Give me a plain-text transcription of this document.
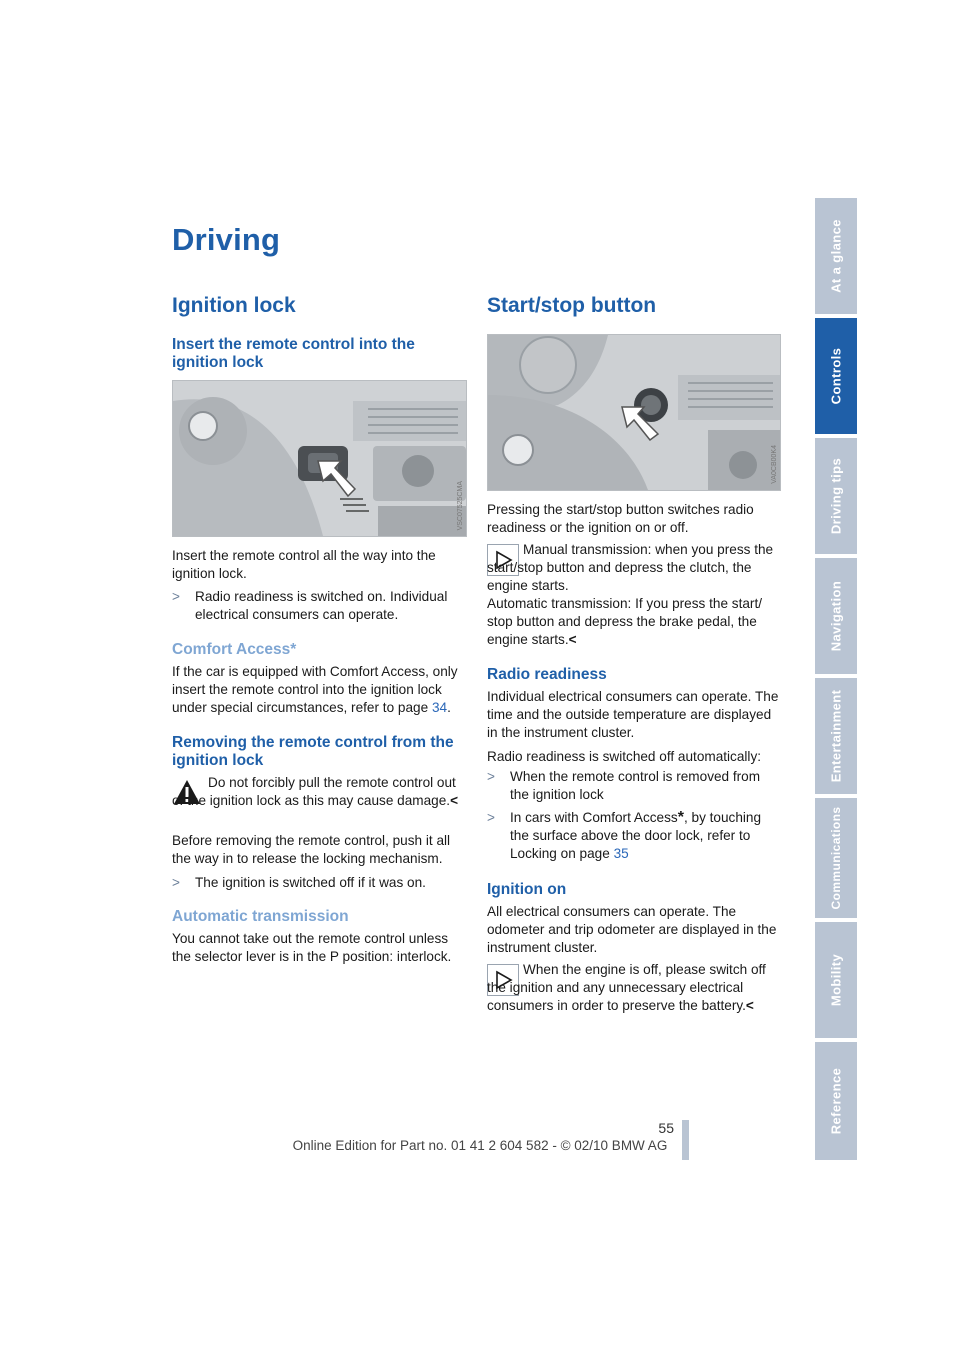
At a glance
Controls
Driving tips
Navigation
Entertainment
Communications
Mobility
Reference
Driving
Ignition lock
Insert the remote control into the ignition lock
VSC07525CMA

Insert the remote control all the way into the ignition lock.

> Radio readiness is switched on. Individual electrical consumers can operate.
Comfort Access*

If the car is equipped with Comfort Access, only insert the remote control into the ignition lock under special circumstances, refer to page 34.

Removing the remote control from the ignition lock

Do not forcibly pull the remote control out of the ignition lock as this may cause damage.<

Before removing the remote control, push it all the way in to release the locking mechanism.

> The ignition is switched off if it was on.
Automatic transmission

You cannot take out the remote control unless the selector lever is in the P position: interlock.

Start/stop button
VA0CB00K4

Pressing the start/stop button switches radio readiness or the ignition on or off.

Manual transmission: when you press the start/stop button and depress the clutch, the engine starts.

Automatic transmission: If you press the start/ stop button and depress the brake pedal, the engine starts.<

Radio readiness

Individual electrical consumers can operate. The time and the outside temperature are displayed in the instrument cluster.

Radio readiness is switched off automatically:

> When the remote control is removed from the ignition lock
> In cars with Comfort Access*, by touching the surface above the door lock, refer to Locking on page 35
Ignition on

All electrical consumers can operate. The odometer and trip odometer are displayed in the instrument cluster.

When the engine is off, please switch off the ignition and any unnecessary electrical consumers in order to preserve the battery.<

55
Online Edition for Part no. 01 41 2 604 582 - © 02/10 BMW AG
